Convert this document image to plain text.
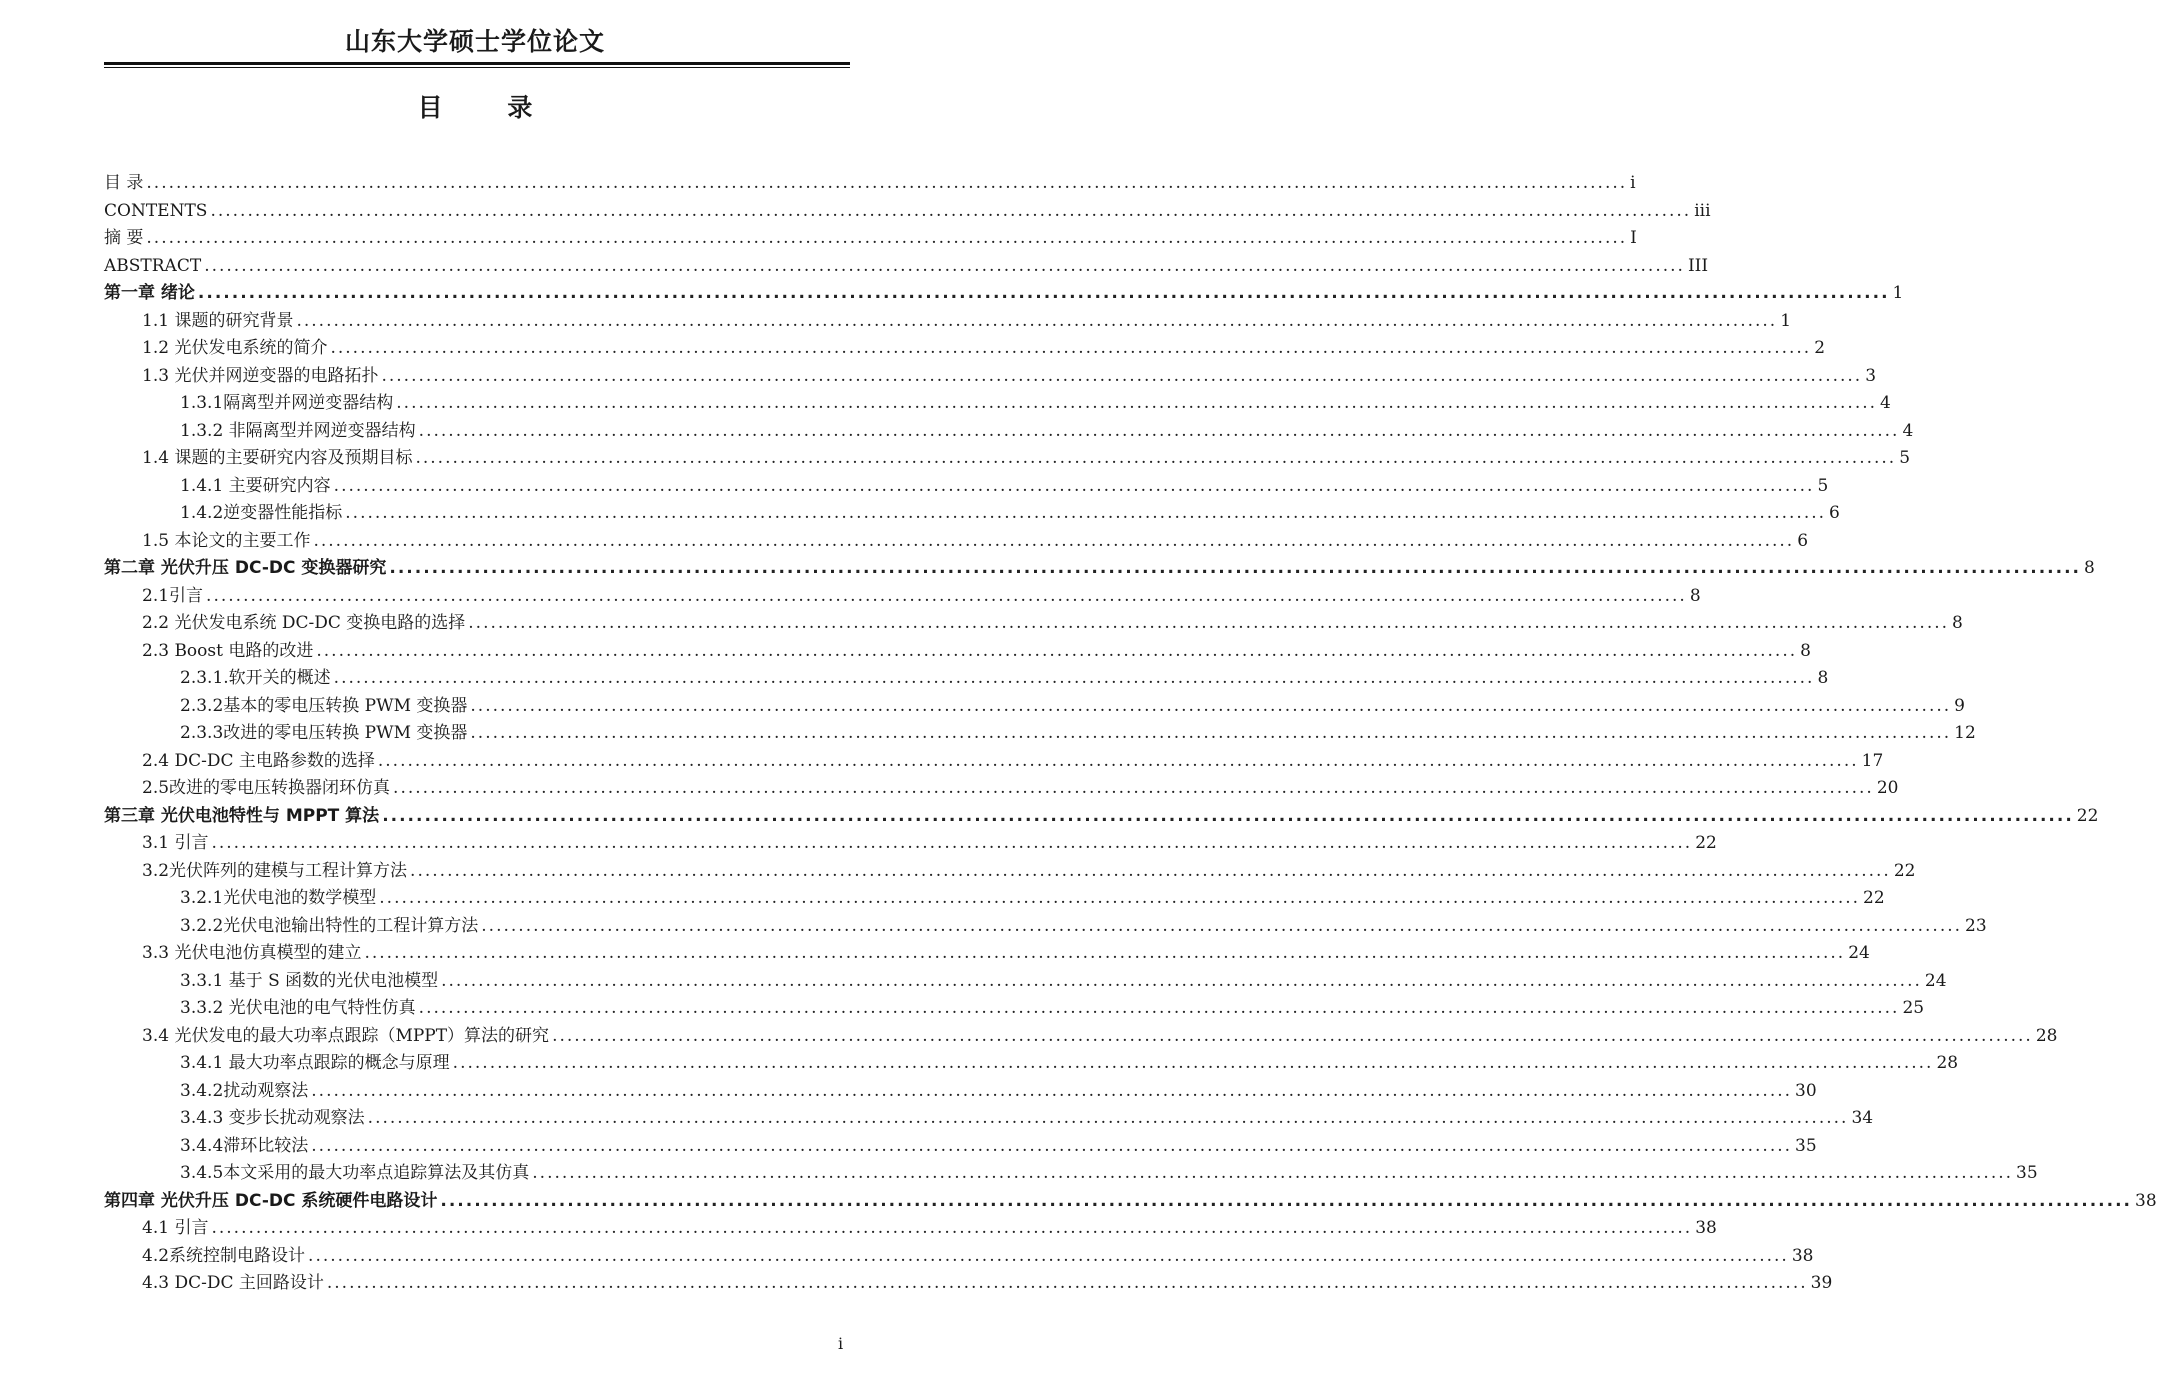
山东大学硕士学位论文
目 录
目 录 ........................................................................................................................................................................................................ i
CONTENTS ........................................................................................................................................................................................................ iii
摘 要 ........................................................................................................................................................................................................ I
ABSTRACT ........................................................................................................................................................................................................ III
第一章 绪论 ........................................................................................................................................................................................................ 1
1.1 课题的研究背景 ........................................................................................................................................................................................................ 1
1.2 光伏发电系统的简介 ........................................................................................................................................................................................................ 2
1.3 光伏并网逆变器的电路拓扑 ........................................................................................................................................................................................................ 3
1.3.1隔离型并网逆变器结构 ........................................................................................................................................................................................................ 4
1.3.2 非隔离型并网逆变器结构 ........................................................................................................................................................................................................ 4
1.4 课题的主要研究内容及预期目标 ........................................................................................................................................................................................................ 5
1.4.1 主要研究内容 ........................................................................................................................................................................................................ 5
1.4.2逆变器性能指标 ........................................................................................................................................................................................................ 6
1.5 本论文的主要工作 ........................................................................................................................................................................................................ 6
第二章 光伏升压 DC-DC 变换器研究 ........................................................................................................................................................................................................ 8
2.1引言 ........................................................................................................................................................................................................ 8
2.2 光伏发电系统 DC-DC 变换电路的选择 ........................................................................................................................................................................................................ 8
2.3 Boost 电路的改进 ........................................................................................................................................................................................................ 8
2.3.1.软开关的概述 ........................................................................................................................................................................................................ 8
2.3.2基本的零电压转换 PWM 变换器 ........................................................................................................................................................................................................ 9
2.3.3改进的零电压转换 PWM 变换器 ........................................................................................................................................................................................................ 12
2.4 DC-DC 主电路参数的选择 ........................................................................................................................................................................................................ 17
2.5改进的零电压转换器闭环仿真 ........................................................................................................................................................................................................ 20
第三章 光伏电池特性与 MPPT 算法 ........................................................................................................................................................................................................ 22
3.1 引言 ........................................................................................................................................................................................................ 22
3.2光伏阵列的建模与工程计算方法 ........................................................................................................................................................................................................ 22
3.2.1光伏电池的数学模型 ........................................................................................................................................................................................................ 22
3.2.2光伏电池输出特性的工程计算方法 ........................................................................................................................................................................................................ 23
3.3 光伏电池仿真模型的建立 ........................................................................................................................................................................................................ 24
3.3.1 基于 S 函数的光伏电池模型 ........................................................................................................................................................................................................ 24
3.3.2 光伏电池的电气特性仿真 ........................................................................................................................................................................................................ 25
3.4 光伏发电的最大功率点跟踪（MPPT）算法的研究 ........................................................................................................................................................................................................ 28
3.4.1 最大功率点跟踪的概念与原理 ........................................................................................................................................................................................................ 28
3.4.2扰动观察法 ........................................................................................................................................................................................................ 30
3.4.3 变步长扰动观察法 ........................................................................................................................................................................................................ 34
3.4.4滞环比较法 ........................................................................................................................................................................................................ 35
3.4.5本文采用的最大功率点追踪算法及其仿真 ........................................................................................................................................................................................................ 35
第四章 光伏升压 DC-DC 系统硬件电路设计 ........................................................................................................................................................................................................ 38
4.1 引言 ........................................................................................................................................................................................................ 38
4.2系统控制电路设计 ........................................................................................................................................................................................................ 38
4.3 DC-DC 主回路设计 ........................................................................................................................................................................................................ 39
i
